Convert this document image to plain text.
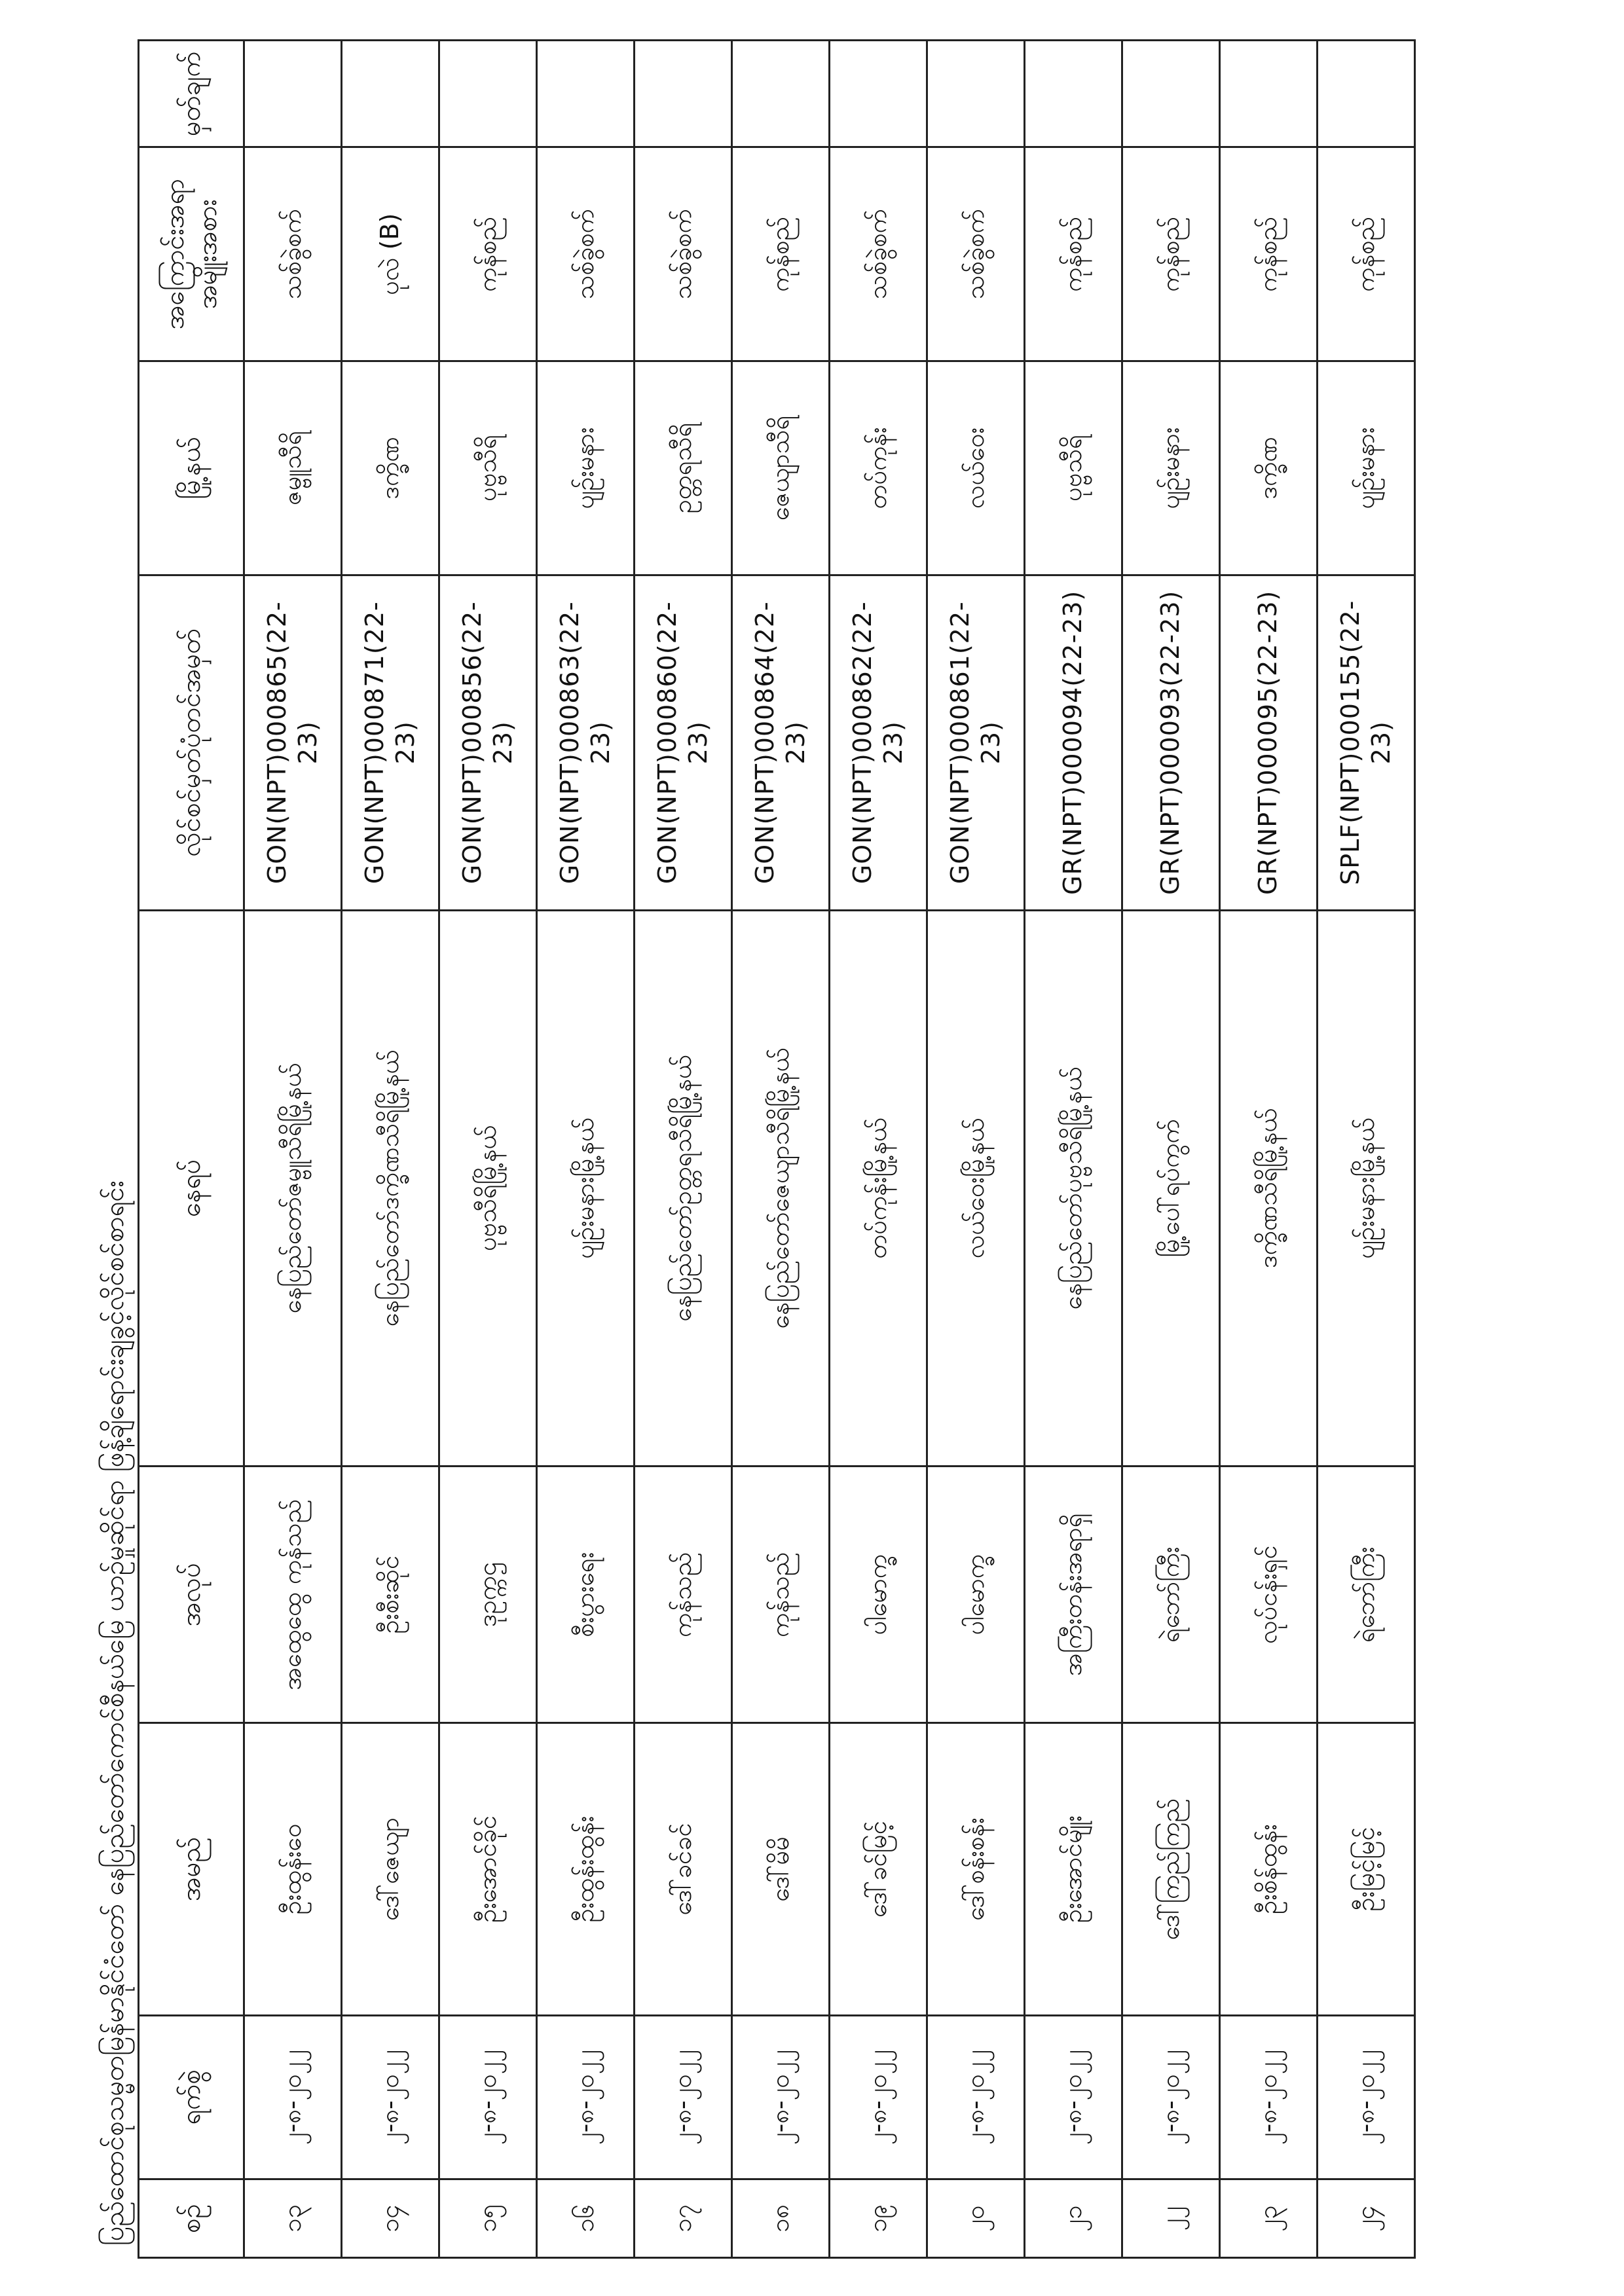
ပြည်ထောင်စုသမ္မတမြန်မာနိုင်ငံတော် နေပြည်တော်ကောင်စီနယ်မြေ ယာဉ်မှုဆိုင်ရာ ဖြန့်ချိရောင်းချခွင့်လိုင်စင်စာရင်း	စဉ်	ရက်စွဲ	အမည်	အလုပ်	နေရပ်	လိုင်စင်မှတ်ပုံတင်အမှတ်	မြို့နယ်	အကြောင်းအရာ အမျိုးအစား	မှတ်ချက်
၁၃	၂-၈-၂၀၂၂	ဦးထွန်းဝေ	အထွေထွေ ကုန်သည်	နေပြည်တော်ဇမ္ဗူသီရိမြို့နယ်	GON(NPT)000865(22-23)	ဇမ္ဗူသီရိ	သစ်ခွဲစက်	
၁၄	၂-၈-၂၀၂၂	ဒေါ်ဇေယျာ	ဦးစီးဆိုင်	နေပြည်တော်ဒက္ခိဏသီရိမြို့နယ်	GON(NPT)000871(22-23)	ဒက္ခိဏ	ပုလဲ (B)	
၁၅	၂-၈-၂၀၂၂	ဦးအောင်ခိုင်	ဒုဥက္ကဌ	ပုဗ္ဗသီရိမြို့နယ်	GON(NPT)000856(22-23)	ပုဗ္ဗသီရိ	ကုန်စည်	
၁၆	၂-၈-၂၀၂၂	ဦးထွန်းထွန်း	စီးပွားရေး	ပျဉ်းမနားမြို့နယ်	GON(NPT)000863(22-23)	ပျဉ်းမနား	သစ်ခွဲစက်	
၁၇	၂-၈-၂၀၂၂	ဒေါ်ခင်ခင်	ကုန်သည်	နေပြည်တော်ဥတ္တရသီရိမြို့နယ်	GON(NPT)000860(22-23)	ဥတ္တရသီရိ	သစ်ခွဲစက်	
၁၈	၂-၈-၂၀၂၂	ဒေါ်မိမိ	ကုန်သည်	နေပြည်တော်ဇေယျာသီရိမြို့နယ်	GON(NPT)000864(22-23)	ဇေယျာသီရိ	ကုန်စည်	
၁၉	၂-၈-၂၀၂၂	ဒေါ်ခင်မြင့်	ပါမောက္ခ	တပ်ကုန်းမြို့နယ်	GON(NPT)000862(22-23)	တပ်ကုန်း	သစ်ခွဲစက်	
၂၀	၂-၈-၂၀၂၂	ဒေါ်စန်းစန်း	ပါမောက္ခ	လယ်ဝေးမြို့နယ်	GON(NPT)000861(22-23)	လယ်ဝေး	သစ်ခွဲစက်	
၂၁	၂-၈-၂၀၂၂	ဦးအောင်မျိုး	အကြီးတန်းအရာရှိ	နေပြည်တော်ပုဗ္ဗသီရိမြို့နယ်	GR(NPT)000094(22-23)	ပုဗ္ဗသီရိ	ကုန်စည်	
၂၂	၂-၈-၂၀၂၂	ဒေါ်ကြည်ကြည်	ရဲဘော်ကြီး	မြို့ပေါ်ရပ်ကွက်	GR(NPT)000093(22-23)	ပျဉ်းမနား	ကုန်စည်	
၂၃	၂-၈-၂၀၂၂	ဦးစိန်ထွန်း	လုပ်ငန်းရှင်	ဒက္ခိဏသီရိမြို့နယ်	GR(NPT)000095(22-23)	ဒက္ခိဏ	ကုန်စည်	
၂၄	၂-၈-၂၀၂၂	ဦးမြင့်မြင့်	ရဲဘော်ကြီး	ပျဉ်းမနားမြို့နယ်	SPLF(NPT)000155(22-23)	ပျဉ်းမနား	ကုန်စည်	
